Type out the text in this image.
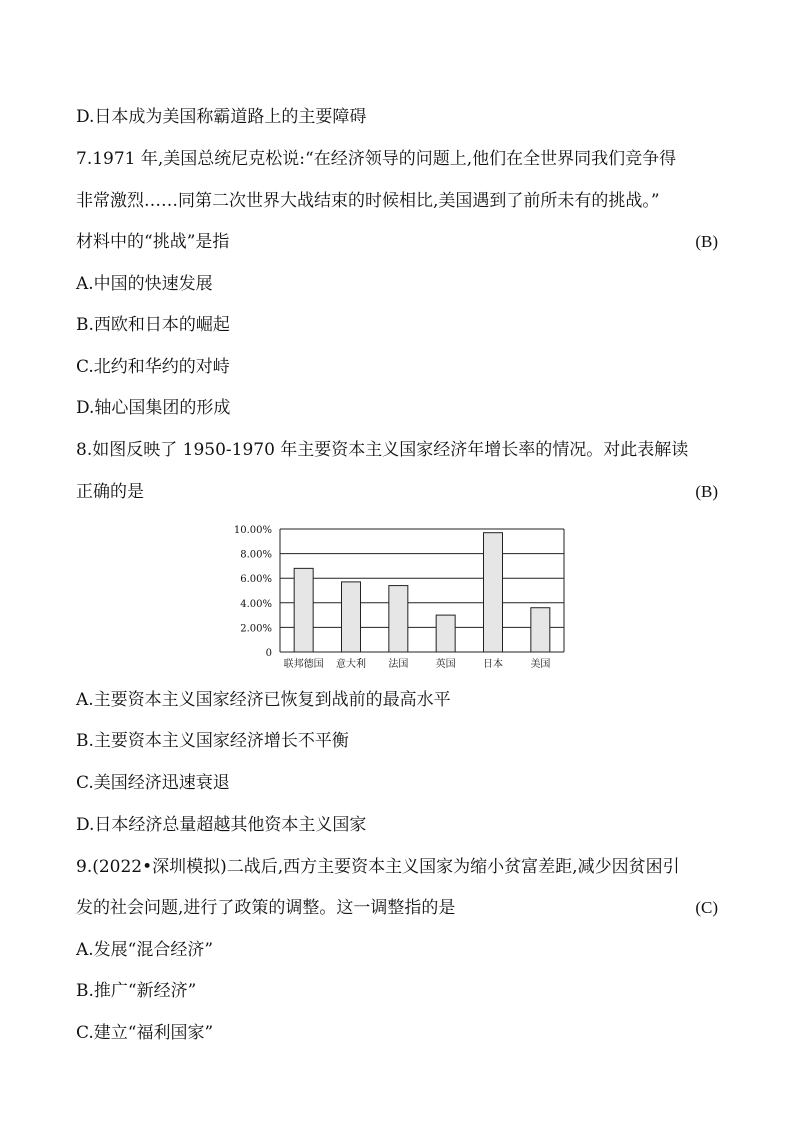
D.日本成为美国称霸道路上的主要障碍
7.1971 年,美国总统尼克松说:“在经济领导的问题上,他们在全世界同我们竞争得
非常激烈……同第二次世界大战结束的时候相比,美国遇到了前所未有的挑战。”
材料中的“挑战”是指	(B)
A.中国的快速发展
B.西欧和日本的崛起
C.北约和华约的对峙
D.轴心国集团的形成
8.如图反映了 1950-1970 年主要资本主义国家经济年增长率的情况。对此表解读
正确的是	(B)
0
2.00%
4.00%
6.00%
8.00%
10.00%
联邦德国 意大利 法国	英国	日本	美国
A.主要资本主义国家经济已恢复到战前的最高水平
B.主要资本主义国家经济增长不平衡
C.美国经济迅速衰退
D.日本经济总量超越其他资本主义国家
9.(2022•深圳模拟)二战后,西方主要资本主义国家为缩小贫富差距,减少因贫困引
发的社会问题,进行了政策的调整。这一调整指的是	(C)
A.发展“混合经济”
B.推广“新经济”
C.建立“福利国家”
